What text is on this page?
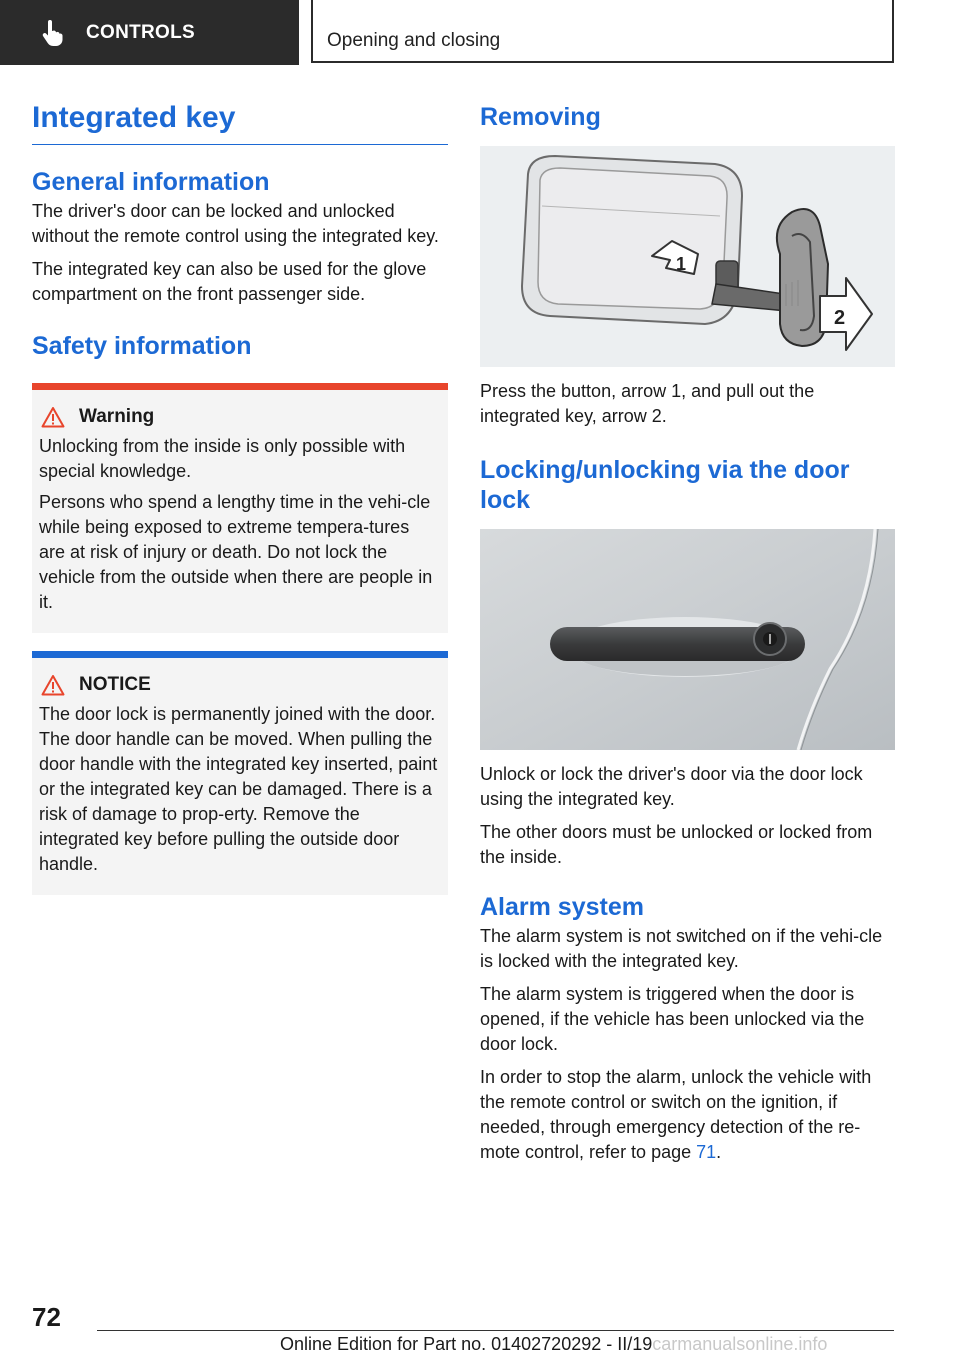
CONTROLS	Opening and closing
Integrated key
General information

The driver's door can be locked and unlocked without the remote control using the integrated key.

The integrated key can also be used for the glove compartment on the front passenger side.

Safety information
Warning

Unlocking from the inside is only possible with special knowledge.

Persons who spend a lengthy time in the vehi-cle while being exposed to extreme tempera-tures are at risk of injury or death. Do not lock the vehicle from the outside when there are people in it.

NOTICE

The door lock is permanently joined with the door. The door handle can be moved. When pulling the door handle with the integrated key inserted, paint or the integrated key can be damaged. There is a risk of damage to prop-erty. Remove the integrated key before pulling the outside door handle.

Removing
1
2

Press the button, arrow 1, and pull out the integrated key, arrow 2.

Locking/unlocking via the door lock

Unlock or lock the driver's door via the door lock using the integrated key.

The other doors must be unlocked or locked from the inside.

Alarm system

The alarm system is not switched on if the vehi-cle is locked with the integrated key.

The alarm system is triggered when the door is opened, if the vehicle has been unlocked via the door lock.

In order to stop the alarm, unlock the vehicle with the remote control or switch on the ignition, if needed, through emergency detection of the re-mote control, refer to page 71.

72
Online Edition for Part no. 01402720292 - II/19carmanualsonline.info
